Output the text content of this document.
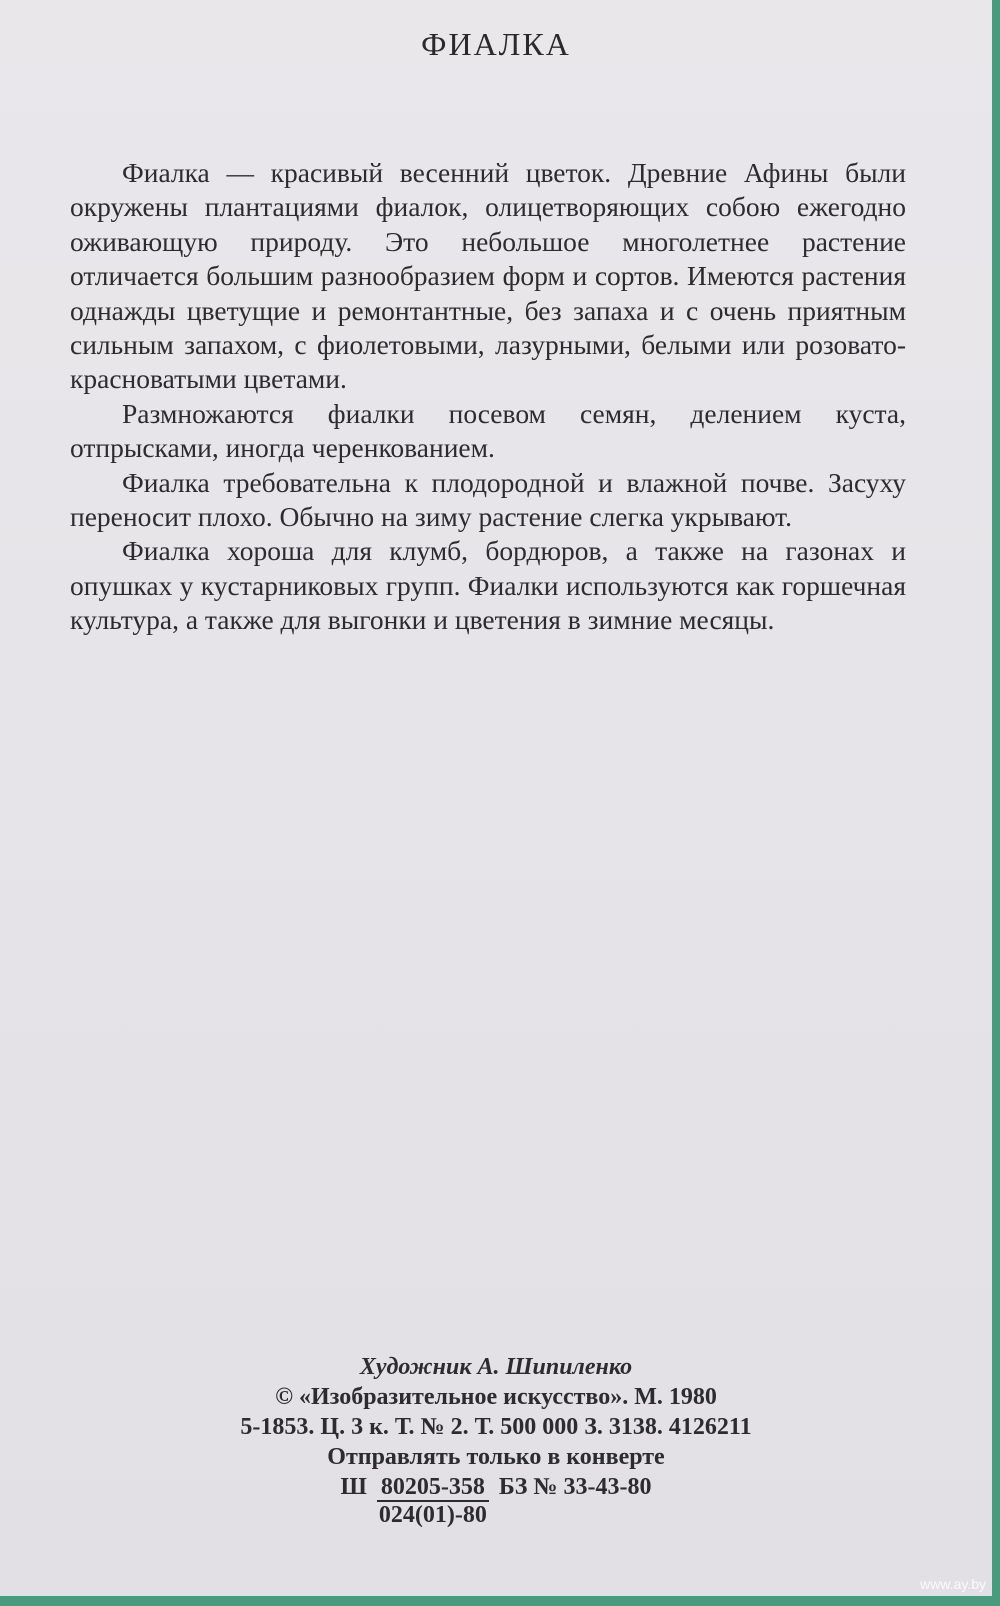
ФИАЛКА

Фиалка — красивый весенний цветок. Древние Афины были окружены плантациями фиалок, олицетворяющих собою ежегодно оживающую природу. Это небольшое многолетнее растение отличается большим разнообразием форм и сортов. Имеются растения однажды цветущие и ремонтантные, без запаха и с очень приятным сильным запахом, с фиолетовыми, лазурными, белыми или розовато-красноватыми цветами.

Размножаются фиалки посевом семян, делением куста, отпрысками, иногда черенкованием.

Фиалка требовательна к плодородной и влажной почве. Засуху переносит плохо. Обычно на зиму растение слегка укрывают.

Фиалка хороша для клумб, бордюров, а также на газонах и опушках у кустарниковых групп. Фиалки используются как горшечная культура, а также для выгонки и цветения в зимние месяцы.

Художник А. Шипиленко
© «Изобразительное искусство». М. 1980
5-1853. Ц. 3 к. Т. № 2. Т. 500 000 З. 3138. 4126211
Отправлять только в конверте
Ш $\frac{80205-358}{024(01)-80}$ БЗ № 33-43-80
www.ay.by
